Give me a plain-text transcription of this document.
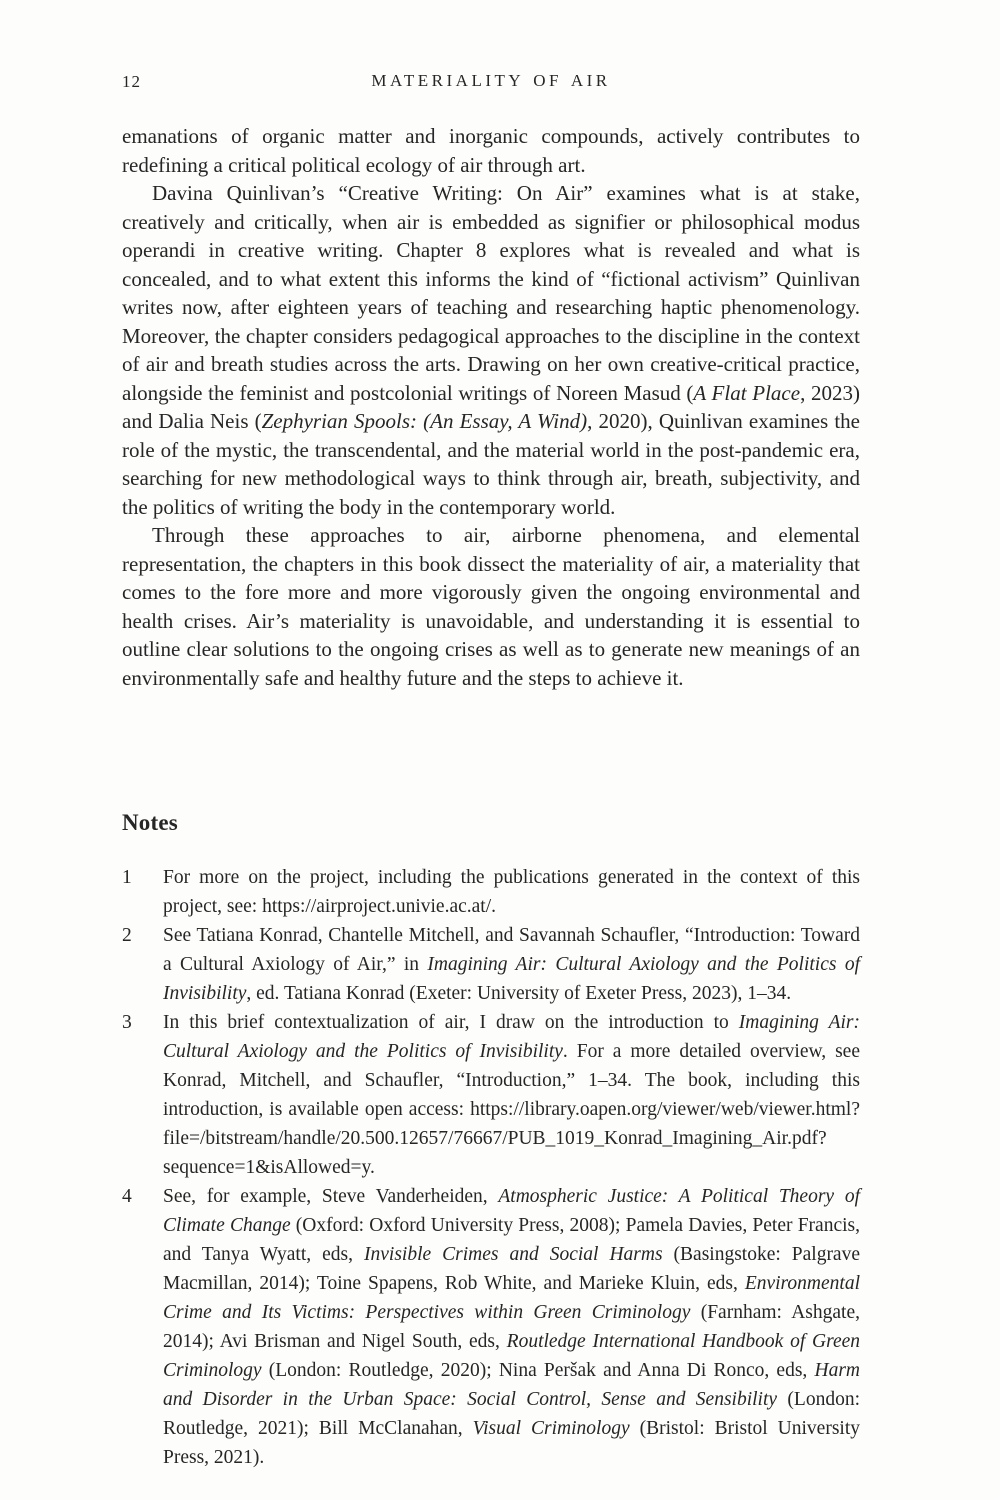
12	MATERIALITY OF AIR

emanations of organic matter and inorganic compounds, actively contributes to redefining a critical political ecology of air through art.

Davina Quinlivan’s “Creative Writing: On Air” examines what is at stake, creatively and critically, when air is embedded as signifier or philosophical modus operandi in creative writing. Chapter 8 explores what is revealed and what is concealed, and to what extent this informs the kind of “fictional activism” Quinlivan writes now, after eighteen years of teaching and researching haptic phenomenology. Moreover, the chapter considers pedagogical approaches to the discipline in the context of air and breath studies across the arts. Drawing on her own creative-critical practice, alongside the feminist and postcolonial writings of Noreen Masud (A Flat Place, 2023) and Dalia Neis (Zephyrian Spools: (An Essay, A Wind), 2020), Quinlivan examines the role of the mystic, the transcendental, and the material world in the post-pandemic era, searching for new methodological ways to think through air, breath, subjectivity, and the politics of writing the body in the contemporary world.

Through these approaches to air, airborne phenomena, and elemental representation, the chapters in this book dissect the materiality of air, a materiality that comes to the fore more and more vigorously given the ongoing environmental and health crises. Air’s materiality is unavoidable, and understanding it is essential to outline clear solutions to the ongoing crises as well as to generate new meanings of an environmentally safe and healthy future and the steps to achieve it.

Notes
1	For more on the project, including the publications generated in the context of this project, see: https://airproject.univie.ac.at/.
2	See Tatiana Konrad, Chantelle Mitchell, and Savannah Schaufler, “Introduction: Toward a Cultural Axiology of Air,” in Imagining Air: Cultural Axiology and the Politics of Invisibility, ed. Tatiana Konrad (Exeter: University of Exeter Press, 2023), 1–34.
3	In this brief contextualization of air, I draw on the introduction to Imagining Air: Cultural Axiology and the Politics of Invisibility. For a more detailed overview, see Konrad, Mitchell, and Schaufler, “Introduction,” 1–34. The book, including this introduction, is available open access: https://library.oapen.org/viewer/web/viewer.html?file=/bitstream/handle/20.500.12657/76667/PUB_1019_Konrad_Imagining_Air.pdf?sequence=1&isAllowed=y.
4	See, for example, Steve Vanderheiden, Atmospheric Justice: A Political Theory of Climate Change (Oxford: Oxford University Press, 2008); Pamela Davies, Peter Francis, and Tanya Wyatt, eds, Invisible Crimes and Social Harms (Basingstoke: Palgrave Macmillan, 2014); Toine Spapens, Rob White, and Marieke Kluin, eds, Environmental Crime and Its Victims: Perspectives within Green Criminology (Farnham: Ashgate, 2014); Avi Brisman and Nigel South, eds, Routledge International Handbook of Green Criminology (London: Routledge, 2020); Nina Peršak and Anna Di Ronco, eds, Harm and Disorder in the Urban Space: Social Control, Sense and Sensibility (London: Routledge, 2021); Bill McClanahan, Visual Criminology (Bristol: Bristol University Press, 2021).
